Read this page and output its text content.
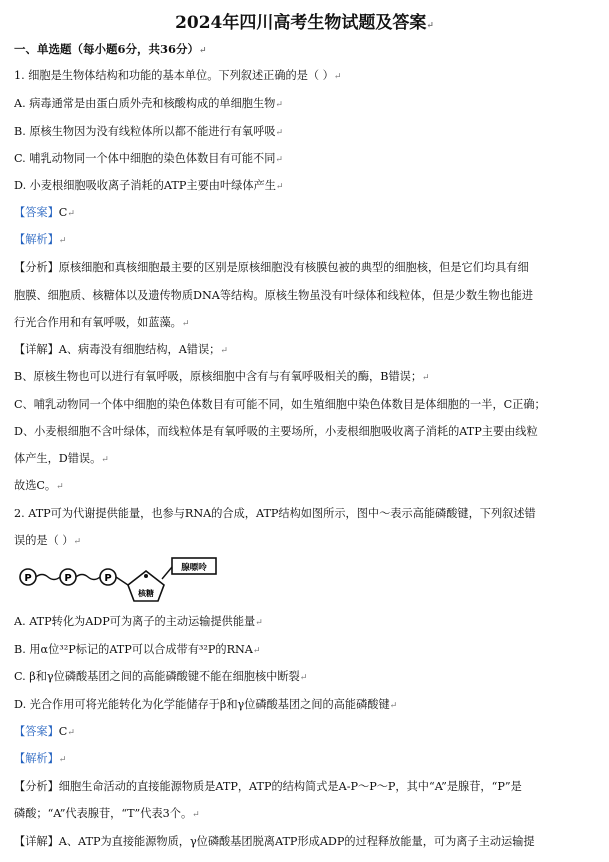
2024年四川高考生物试题及答案↵
一、单选题（每小题6分，共36分）↵
1. 细胞是生物体结构和功能的基本单位。下列叙述正确的是（ ）↵
A. 病毒通常是由蛋白质外壳和核酸构成的单细胞生物↵
B. 原核生物因为没有线粒体所以都不能进行有氧呼吸↵
C. 哺乳动物同一个体中细胞的染色体数目有可能不同↵
D. 小麦根细胞吸收离子消耗的ATP主要由叶绿体产生↵
【答案】C↵
【解析】↵
【分析】原核细胞和真核细胞最主要的区别是原核细胞没有核膜包被的典型的细胞核，但是它们均具有细
胞膜、细胞质、核糖体以及遗传物质DNA等结构。原核生物虽没有叶绿体和线粒体，但是少数生物也能进
行光合作用和有氧呼吸，如蓝藻。↵
【详解】A、病毒没有细胞结构，A错误；↵
B、原核生物也可以进行有氧呼吸，原核细胞中含有与有氧呼吸相关的酶，B错误；↵
C、哺乳动物同一个体中细胞的染色体数目有可能不同，如生殖细胞中染色体数目是体细胞的一半，C正确；
D、小麦根细胞不含叶绿体，而线粒体是有氧呼吸的主要场所，小麦根细胞吸收离子消耗的ATP主要由线粒
体产生，D错误。↵
故选C。↵
2. ATP可为代谢提供能量，也参与RNA的合成，ATP结构如图所示，图中～表示高能磷酸键，下列叙述错
误的是（ ）↵
P	P	P
核糖
腺嘌呤
A. ATP转化为ADP可为离子的主动运输提供能量↵
B. 用α位³²P标记的ATP可以合成带有³²P的RNA↵
C. β和γ位磷酸基团之间的高能磷酸键不能在细胞核中断裂↵
D. 光合作用可将光能转化为化学能储存于β和γ位磷酸基团之间的高能磷酸键↵
【答案】C↵
【解析】↵
【分析】细胞生命活动的直接能源物质是ATP，ATP的结构简式是A-P～P～P，其中“A”是腺苷，“P”是
磷酸；“A”代表腺苷，“T”代表3个。↵
【详解】A、ATP为直接能源物质，γ位磷酸基团脱离ATP形成ADP的过程释放能量，可为离子主动运输提
